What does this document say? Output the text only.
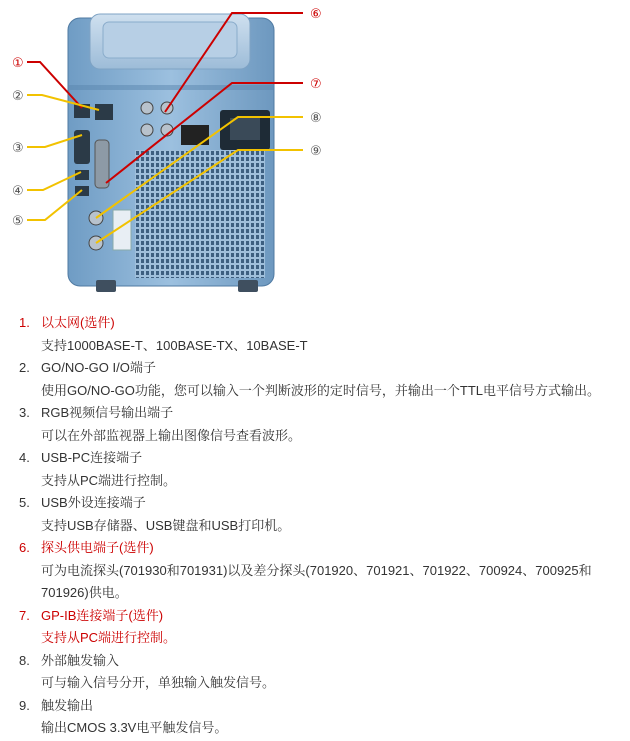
⑥
①
⑦
②
⑧
③	⑨
④
⑤
1. 以太网(选件)
支持1000BASE-T、100BASE-TX、10BASE-T
2. GO/NO-GO I/O端子
使用GO/NO-GO功能，您可以输入一个判断波形的定时信号，并输出一个TTL电平信号方式输出。
3. RGB视频信号输出端子
可以在外部监视器上输出图像信号查看波形。
4. USB-PC连接端子
支持从PC端进行控制。
5. USB外设连接端子
支持USB存储器、USB键盘和USB打印机。
6. 探头供电端子(选件)
可为电流探头(701930和701931)以及差分探头(701920、701921、701922、700924、700925和701926)供电。
7. GP-IB连接端子(选件)
支持从PC端进行控制。
8. 外部触发输入
可与输入信号分开，单独输入触发信号。
9. 触发输出
输出CMOS 3.3V电平触发信号。
